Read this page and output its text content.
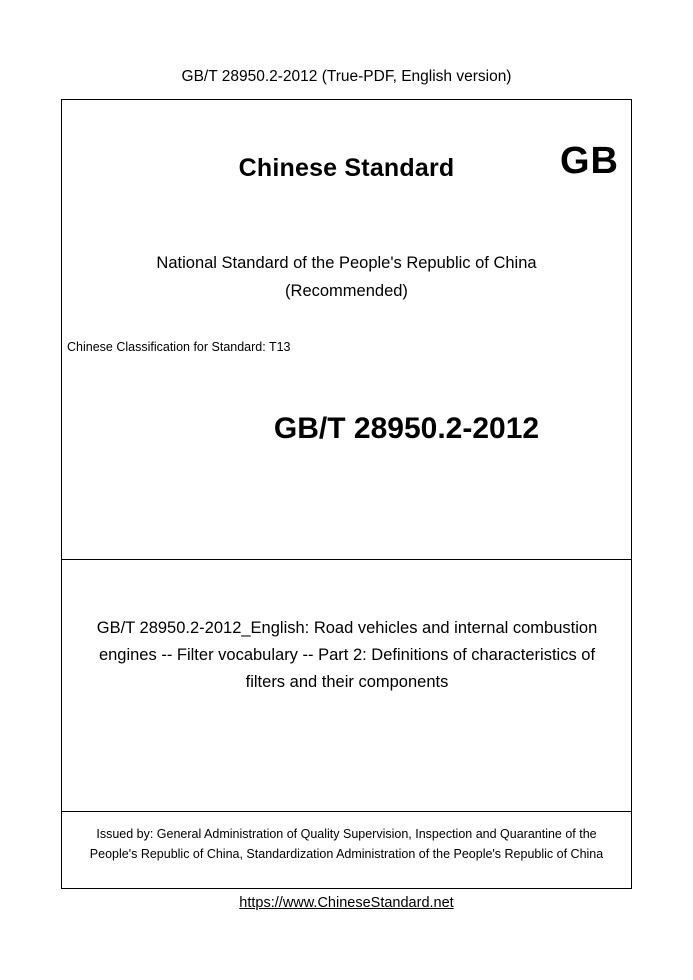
GB/T 28950.2-2012 (True-PDF, English version)
Chinese Standard	GB
National Standard of the People's Republic of China
(Recommended)
Chinese Classification for Standard: T13
GB/T 28950.2-2012
GB/T 28950.2-2012_English: Road vehicles and internal combustion engines -- Filter vocabulary -- Part 2: Definitions of characteristics of filters and their components
Issued by: General Administration of Quality Supervision, Inspection and Quarantine of the People's Republic of China, Standardization Administration of the People's Republic of China
https://www.ChineseStandard.net
